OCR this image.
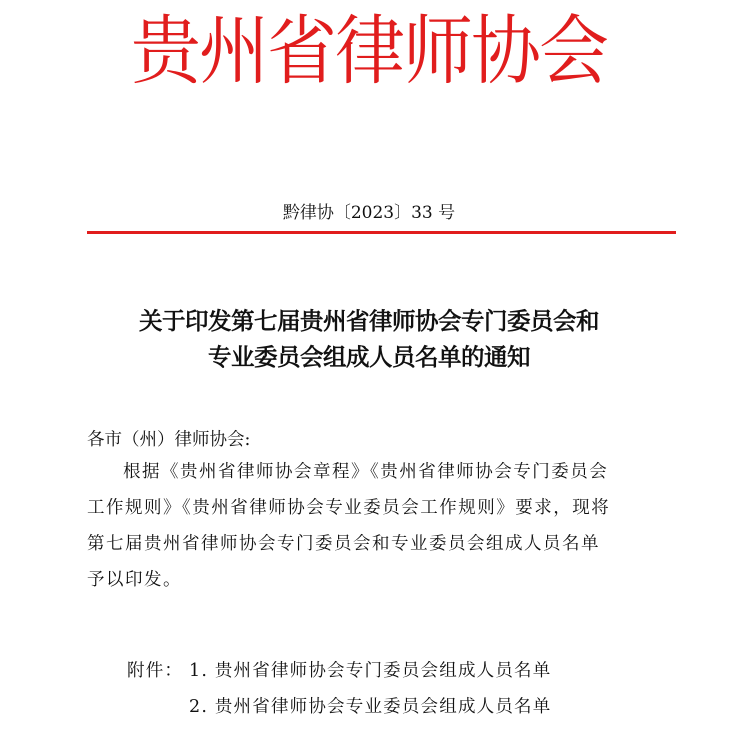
贵州省律师协会
黔律协〔2023〕33 号
关于印发第七届贵州省律师协会专门委员会和
专业委员会组成人员名单的通知
各市（州）律师协会:
根据《贵州省律师协会章程》《贵州省律师协会专门委员会
工作规则》《贵州省律师协会专业委员会工作规则》要求，现将
第七届贵州省律师协会专门委员会和专业委员会组成人员名单
予以印发。
附件： 1. 贵州省律师协会专门委员会组成人员名单
2. 贵州省律师协会专业委员会组成人员名单
